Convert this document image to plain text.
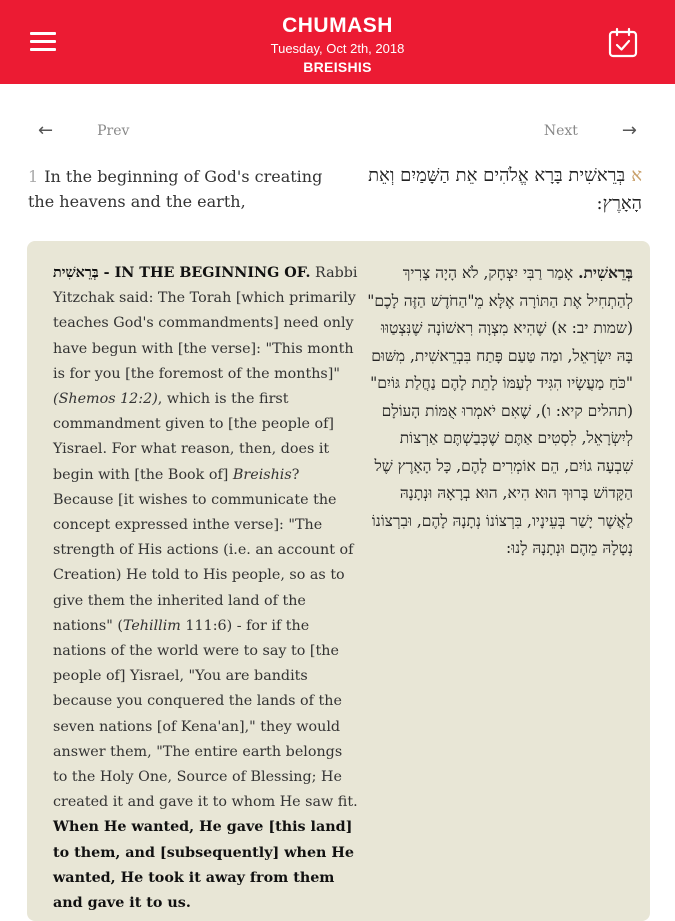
CHUMASH
Tuesday, Oct 2th, 2018
BREISHIS
←	Prev	Next →
1 In the beginning of God's creating the heavens and the earth,
אבְּרֵאשִׁית בָּרָא אֱלֹהִים אֵת הַשָּׁמַיִם וְאֵת הָאָרֶץ:
בְּרֵאשִׁית - IN THE BEGINNING OF. Rabbi Yitzchak said: The Torah [which primarily teaches God's commandments] need only have begun with [the verse]: "This month is for you [the foremost of the months]" (Shemos 12:2), which is the first commandment given to [the people of] Yisrael. For what reason, then, does it begin with [the Book of] Breishis? Because [it wishes to communicate the concept expressed inthe verse]: "The strength of His actions (i.e. an account of Creation) He told to His people, so as to give them the inherited land of the nations" (Tehillim 111:6) - for if the nations of the world were to say to [the people of] Yisrael, "You are bandits because you conquered the lands of the seven nations [of Kena'an]," they would answer them, "The entire earth belongs to the Holy One, Source of Blessing; He created it and gave it to whom He saw fit. When He wanted, He gave [this land] to them, and [subsequently] when He wanted, He took it away from them and gave it to us.
בְּרֵאשִׁית. אָמַר רַבִּי יִצְחָק, לֹא הָיָה צָרִיךְ לְהַתְחִיל אֶת הַתּוֹרָה אֶלָּא מֵ"הַחֹדֶשׁ הַזֶּה לָכֶם" (שמות יב: א) שֶׁהִיא מִצְוָה רִאשׁוֹנָה שֶׁנִּצְטַוּוּ בָּהּ יִשְׂרָאֵל, ומַה טַּעַם פָּתַח בִּבְרֵאשִׁית, מִשּׁוּם "כֹּחַ מַעֲשָׂיו הִגִּיד לְעַמּוֹ לָתֵת לָהֶם נַחֲלַת גּוֹיִם" (תהלים קיא: ו), שֶׁאִם יֹאמְרוּ אֻמּוֹת הָעוֹלָם לְיִשְׂרָאֵל, לִסְטִים אַתֶּם שֶׁכְּבַשְׁתֶּם אַרְצוֹת שִׁבְעָה גוֹיִם, הֵם אוֹמְרִים לָהֶם, כָּל הָאָרֶץ שֶׁל הַקָּדוֹשׁ בָּרוּךְ הוּא הִיא, הוּא בְרָאָהּ וּנְתָנָהּ לַאֲשֶׁר יָשַׁר בְּעֵינָיו, בִּרְצוֹנוֹ נְתָנָהּ לָהֶם, וּבִרְצוֹנוֹ נְטָלָהּ מֵהֶם וּנְתָנָהּ לָנוּ:
